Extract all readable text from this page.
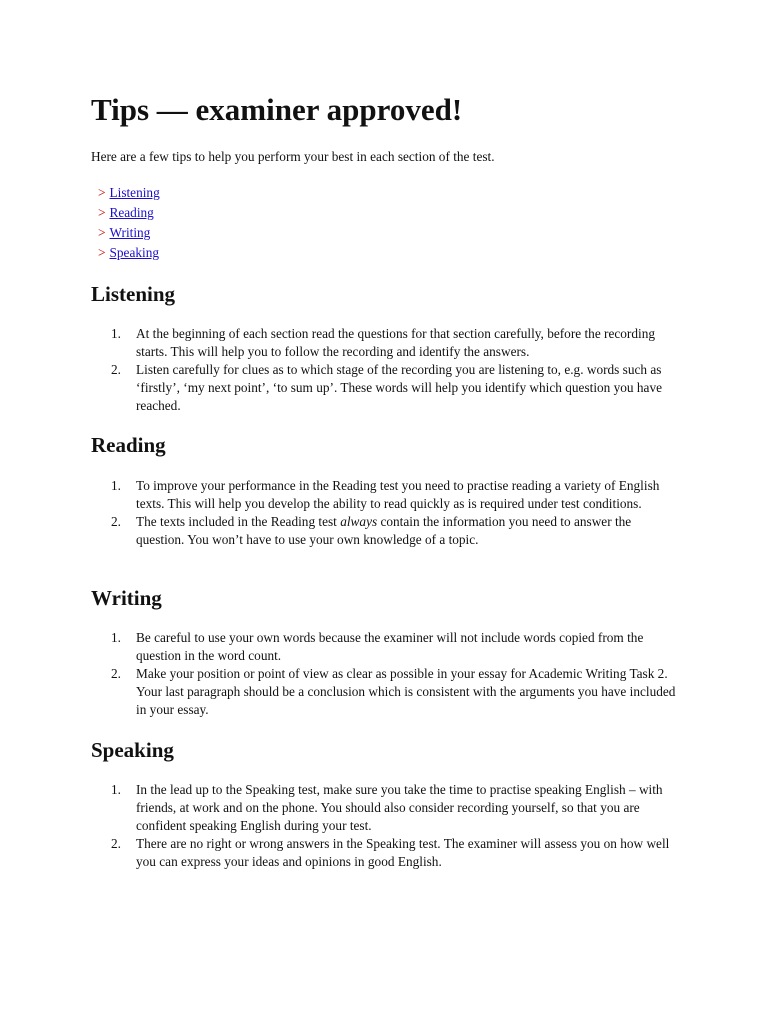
Tips — examiner approved!

Here are a few tips to help you perform your best in each section of the test.

> Listening
> Reading
> Writing
> Speaking
Listening
1. At the beginning of each section read the questions for that section carefully, before the recording starts. This will help you to follow the recording and identify the answers.
2. Listen carefully for clues as to which stage of the recording you are listening to, e.g. words such as ‘firstly’, ‘my next point’, ‘to sum up’. These words will help you identify which question you have reached.
Reading
1. To improve your performance in the Reading test you need to practise reading a variety of English texts. This will help you develop the ability to read quickly as is required under test conditions.
2. The texts included in the Reading test always contain the information you need to answer the question. You won’t have to use your own knowledge of a topic.
Writing
1. Be careful to use your own words because the examiner will not include words copied from the question in the word count.
2. Make your position or point of view as clear as possible in your essay for Academic Writing Task 2. Your last paragraph should be a conclusion which is consistent with the arguments you have included in your essay.
Speaking
1. In the lead up to the Speaking test, make sure you take the time to practise speaking English – with friends, at work and on the phone. You should also consider recording yourself, so that you are confident speaking English during your test.
2. There are no right or wrong answers in the Speaking test. The examiner will assess you on how well you can express your ideas and opinions in good English.
